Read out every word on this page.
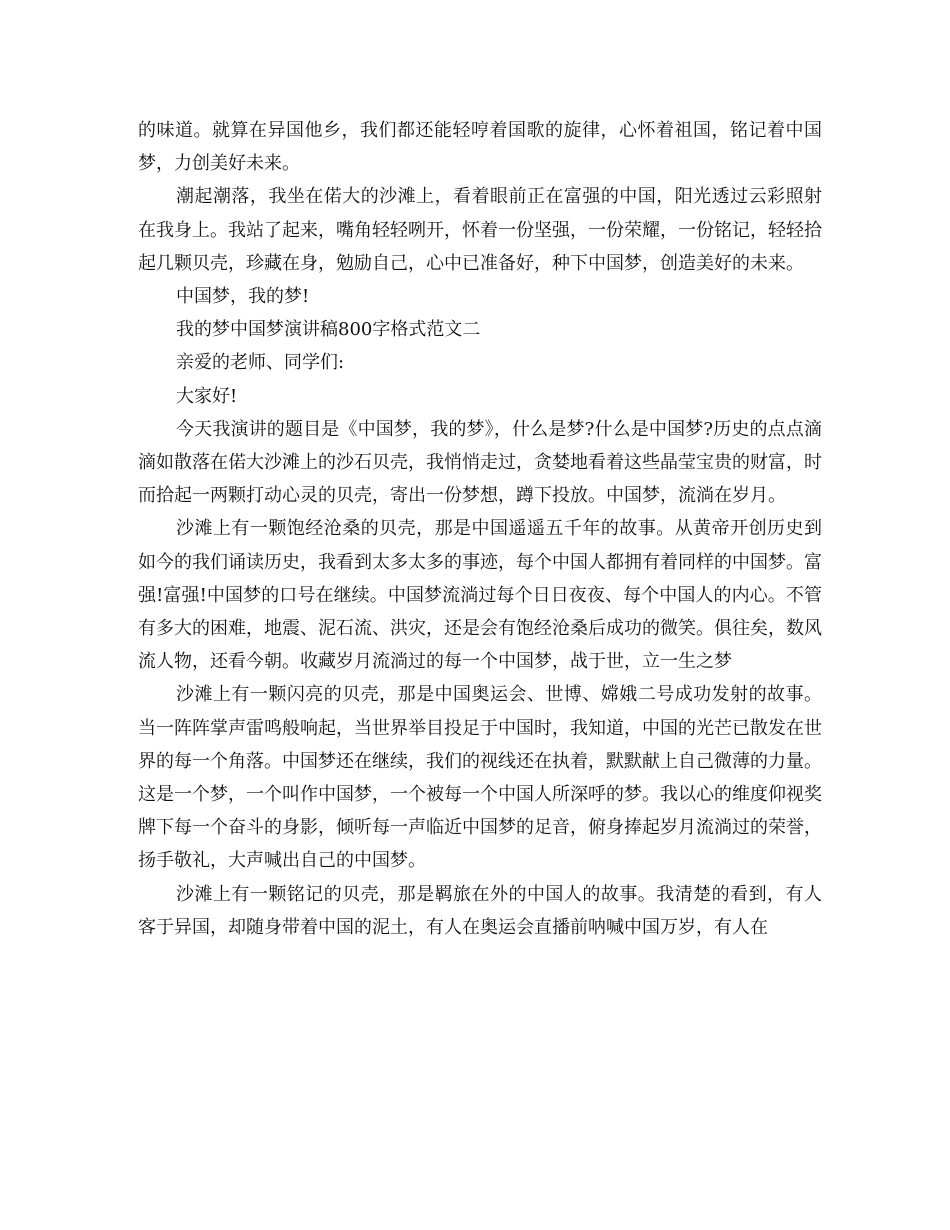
的味道。就算在异国他乡，我们都还能轻哼着国歌的旋律，心怀着祖国，铭记着中国梦，力创美好未来。

潮起潮落，我坐在偌大的沙滩上，看着眼前正在富强的中国，阳光透过云彩照射在我身上。我站了起来，嘴角轻轻咧开，怀着一份坚强，一份荣耀，一份铭记，轻轻拾起几颗贝壳，珍藏在身，勉励自己，心中已准备好，种下中国梦，创造美好的未来。

中国梦，我的梦!

我的梦中国梦演讲稿800字格式范文二

亲爱的老师、同学们:

大家好!

今天我演讲的题目是《中国梦，我的梦》，什么是梦?什么是中国梦?历史的点点滴滴如散落在偌大沙滩上的沙石贝壳，我悄悄走过，贪婪地看着这些晶莹宝贵的财富，时而拾起一两颗打动心灵的贝壳，寄出一份梦想，蹲下投放。中国梦，流淌在岁月。

沙滩上有一颗饱经沧桑的贝壳，那是中国遥遥五千年的故事。从黄帝开创历史到如今的我们诵读历史，我看到太多太多的事迹，每个中国人都拥有着同样的中国梦。富强!富强!中国梦的口号在继续。中国梦流淌过每个日日夜夜、每个中国人的内心。不管有多大的困难，地震、泥石流、洪灾，还是会有饱经沧桑后成功的微笑。俱往矣，数风流人物，还看今朝。收藏岁月流淌过的每一个中国梦，战于世，立一生之梦

沙滩上有一颗闪亮的贝壳，那是中国奥运会、世博、嫦娥二号成功发射的故事。当一阵阵掌声雷鸣般响起，当世界举目投足于中国时，我知道，中国的光芒已散发在世界的每一个角落。中国梦还在继续，我们的视线还在执着，默默献上自己微薄的力量。这是一个梦，一个叫作中国梦，一个被每一个中国人所深呼的梦。我以心的维度仰视奖牌下每一个奋斗的身影，倾听每一声临近中国梦的足音，俯身捧起岁月流淌过的荣誉，扬手敬礼，大声喊出自己的中国梦。

沙滩上有一颗铭记的贝壳，那是羁旅在外的中国人的故事。我清楚的看到，有人客于异国，却随身带着中国的泥土，有人在奥运会直播前呐喊中国万岁，有人在
